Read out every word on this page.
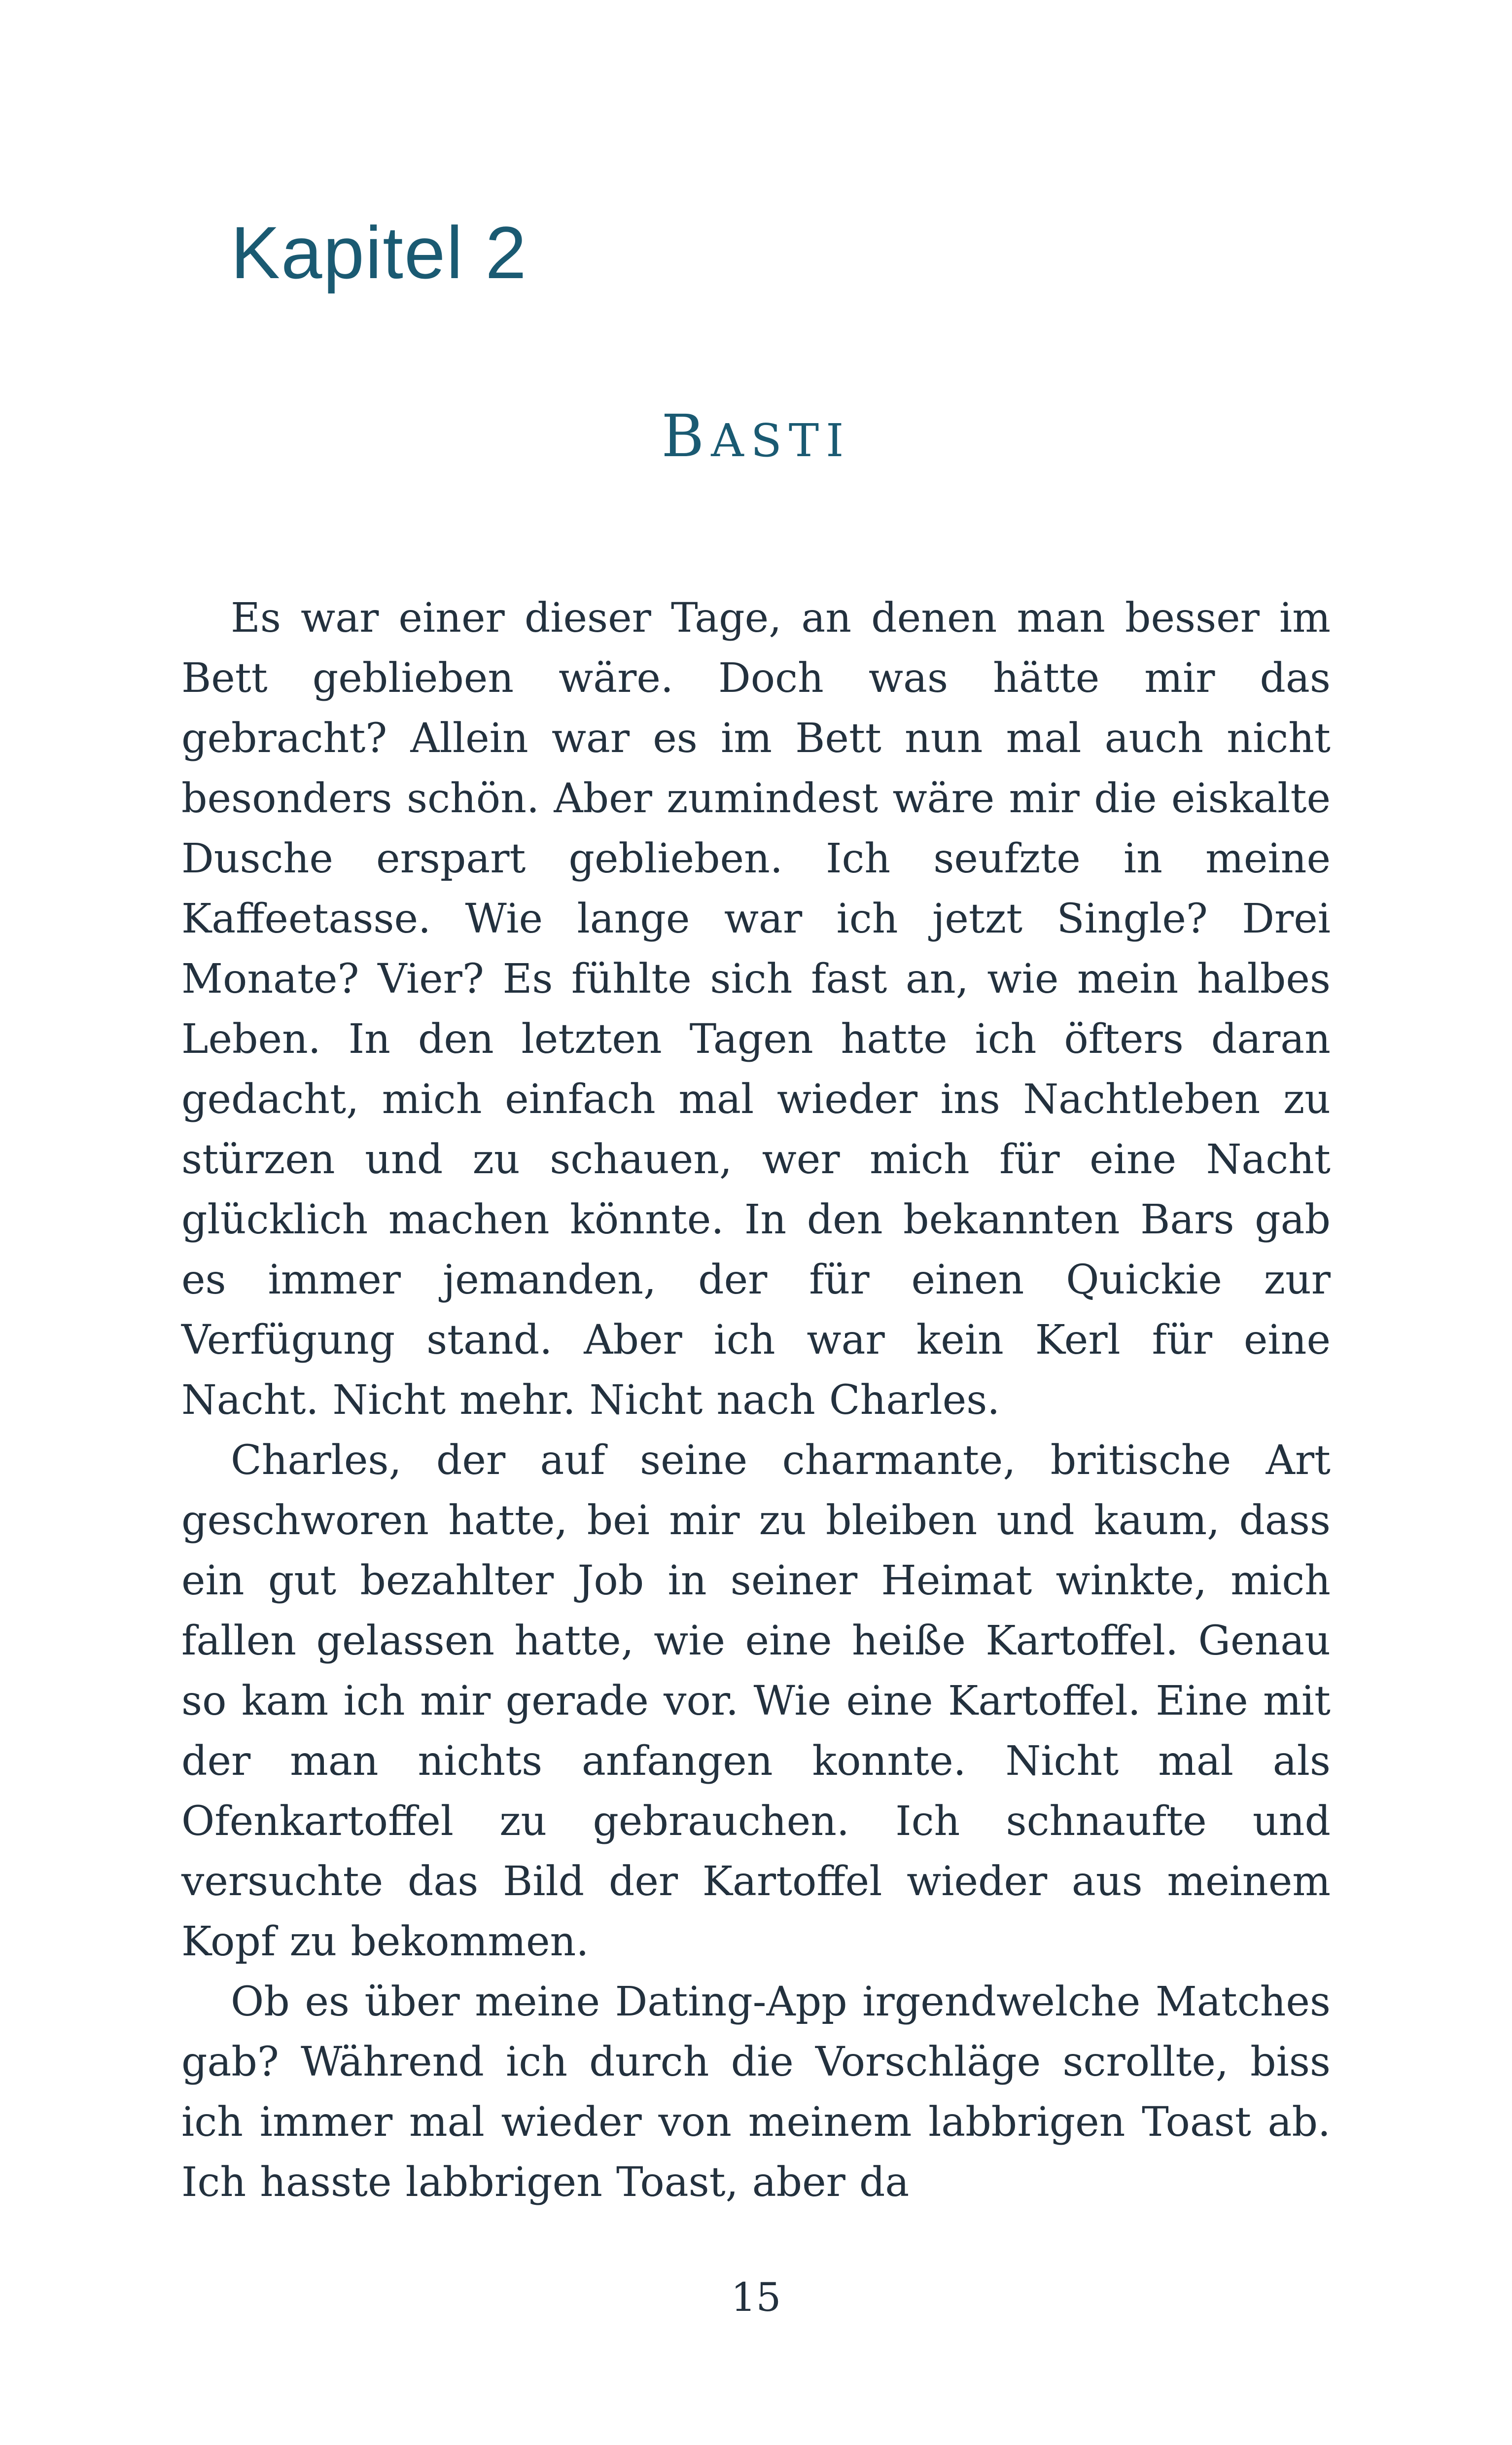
Kapitel 2
BASTI

Es war einer dieser Tage, an denen man besser im Bett geblieben wäre. Doch was hätte mir das gebracht? Allein war es im Bett nun mal auch nicht besonders schön. Aber zumindest wäre mir die eiskalte Dusche erspart geblieben. Ich seufzte in meine Kaffeetasse. Wie lange war ich jetzt Single? Drei Monate? Vier? Es fühlte sich fast an, wie mein halbes Leben. In den letzten Tagen hatte ich öfters daran gedacht, mich einfach mal wieder ins Nachtleben zu stürzen und zu schauen, wer mich für eine Nacht glücklich machen könnte. In den bekannten Bars gab es immer jemanden, der für einen Quickie zur Verfügung stand. Aber ich war kein Kerl für eine Nacht. Nicht mehr. Nicht nach Charles.

Charles, der auf seine charmante, britische Art geschworen hatte, bei mir zu bleiben und kaum, dass ein gut bezahlter Job in seiner Heimat winkte, mich fallen gelassen hatte, wie eine heiße Kartoffel. Genau so kam ich mir gerade vor. Wie eine Kartoffel. Eine mit der man nichts anfangen konnte. Nicht mal als Ofenkartoffel zu gebrauchen. Ich schnaufte und versuchte das Bild der Kartoffel wieder aus meinem Kopf zu bekommen.

Ob es über meine Dating-App irgendwelche Matches gab? Während ich durch die Vorschläge scrollte, biss ich immer mal wieder von meinem labbrigen Toast ab. Ich hasste labbrigen Toast, aber da

15
